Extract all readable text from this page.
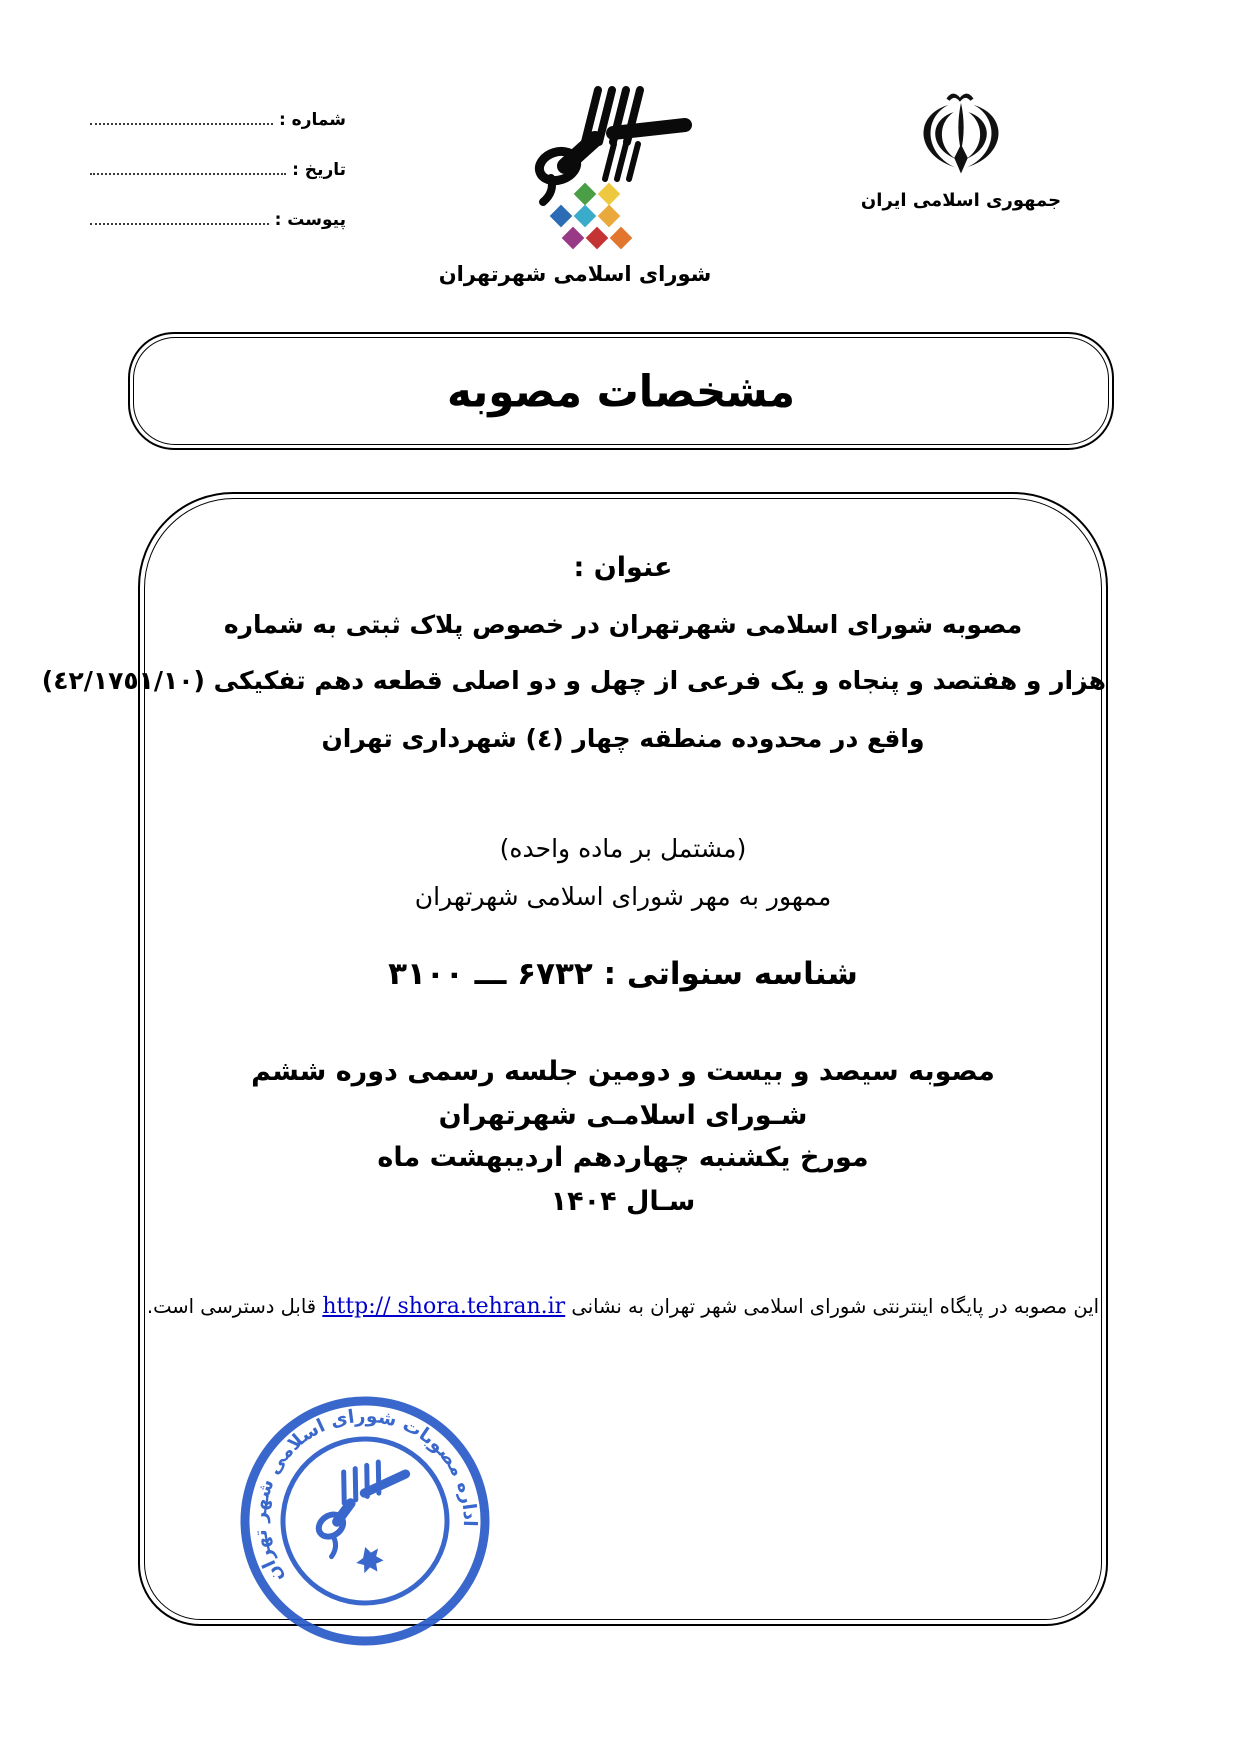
شماره :
تاریخ :
پیوست :
شورای اسلامی شهرتهران
جمهوری اسلامی ایران
مشخصات مصوبه
عنوان :
مصوبه شورای اسلامی شهرتهران در خصوص پلاک ثبتی به شماره
هزار و هفتصد و پنجاه و یک فرعی از چهل و دو اصلی قطعه دهم تفکیکی (٤٢/١٧٥١/١٠)
واقع در محدوده منطقه چهار (٤) شهرداری تهران
(مشتمل بر ماده واحده)
ممهور به مهر شورای اسلامی شهرتهران
شناسه سنواتی : ۶۷۳۲ ـــ ۳۱۰۰
مصوبه سیصد و بیست و دومین جلسه رسمی دوره ششم
شـورای اسلامـی شهرتهران
مورخ یکشنبه چهاردهم اردیبهشت ماه
سـال ۱۴۰۴
این مصوبه در پایگاه اینترنتی شورای اسلامی شهر تهران به نشانی http:// shora.tehran.ir قابل دسترسی است.
اداره مصوبات شورای اسلامی شهر تهران
